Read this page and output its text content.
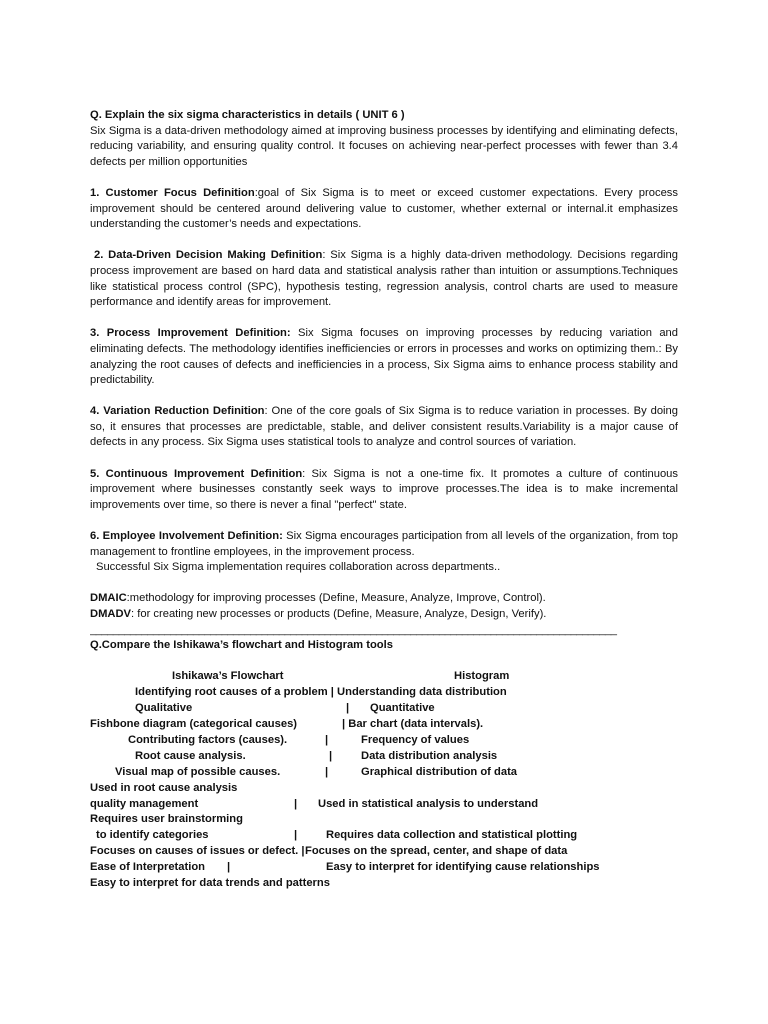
Q. Explain the six sigma characteristics in details ( UNIT 6 )

Six Sigma is a data-driven methodology aimed at improving business processes by identifying and eliminating defects, reducing variability, and ensuring quality control. It focuses on achieving near-perfect processes with fewer than 3.4 defects per million opportunities

1. Customer Focus Definition:goal of Six Sigma is to meet or exceed customer expectations. Every process improvement should be centered around delivering value to customer, whether external or internal.it emphasizes understanding the customer’s needs and expectations.

2. Data-Driven Decision Making Definition: Six Sigma is a highly data-driven methodology. Decisions regarding process improvement are based on hard data and statistical analysis rather than intuition or assumptions.Techniques like statistical process control (SPC), hypothesis testing, regression analysis, control charts are used to measure performance and identify areas for improvement.

3. Process Improvement Definition: Six Sigma focuses on improving processes by reducing variation and eliminating defects. The methodology identifies inefficiencies or errors in processes and works on optimizing them.: By analyzing the root causes of defects and inefficiencies in a process, Six Sigma aims to enhance process stability and predictability.

4. Variation Reduction Definition: One of the core goals of Six Sigma is to reduce variation in processes. By doing so, it ensures that processes are predictable, stable, and deliver consistent results.Variability is a major cause of defects in any process. Six Sigma uses statistical tools to analyze and control sources of variation.

5. Continuous Improvement Definition: Six Sigma is not a one-time fix. It promotes a culture of continuous improvement where businesses constantly seek ways to improve processes.The idea is to make incremental improvements over time, so there is never a final "perfect" state.

6. Employee Involvement Definition: Six Sigma encourages participation from all levels of the organization, from top management to frontline employees, in the improvement process.
Successful Six Sigma implementation requires collaboration across departments..

DMAIC:methodology for improving processes (Define, Measure, Analyze, Improve, Control).
DMADV: for creating new processes or products (Define, Measure, Analyze, Design, Verify).
____________________________________________________________________________________________
Q.Compare the Ishikawa’s flowchart and Histogram tools
Ishikawa’s Flowchart	Histogram
Identifying root causes of a problem | Understanding data distribution
Qualitative	| Quantitative
Fishbone diagram (categorical causes)	| Bar chart (data intervals).
Contributing factors (causes).	|	Frequency of values
Root cause analysis.	|	Data distribution analysis
Visual map of possible causes.	|	Graphical distribution of data
Used in root cause analysis
quality management	| Used in statistical analysis to understand
Requires user brainstorming
to identify categories	|	Requires data collection and statistical plotting
Focuses on causes of issues or defect. | Focuses on the spread, center, and shape of data
Ease of Interpretation |	Easy to interpret for identifying cause relationships
Easy to interpret for data trends and patterns
